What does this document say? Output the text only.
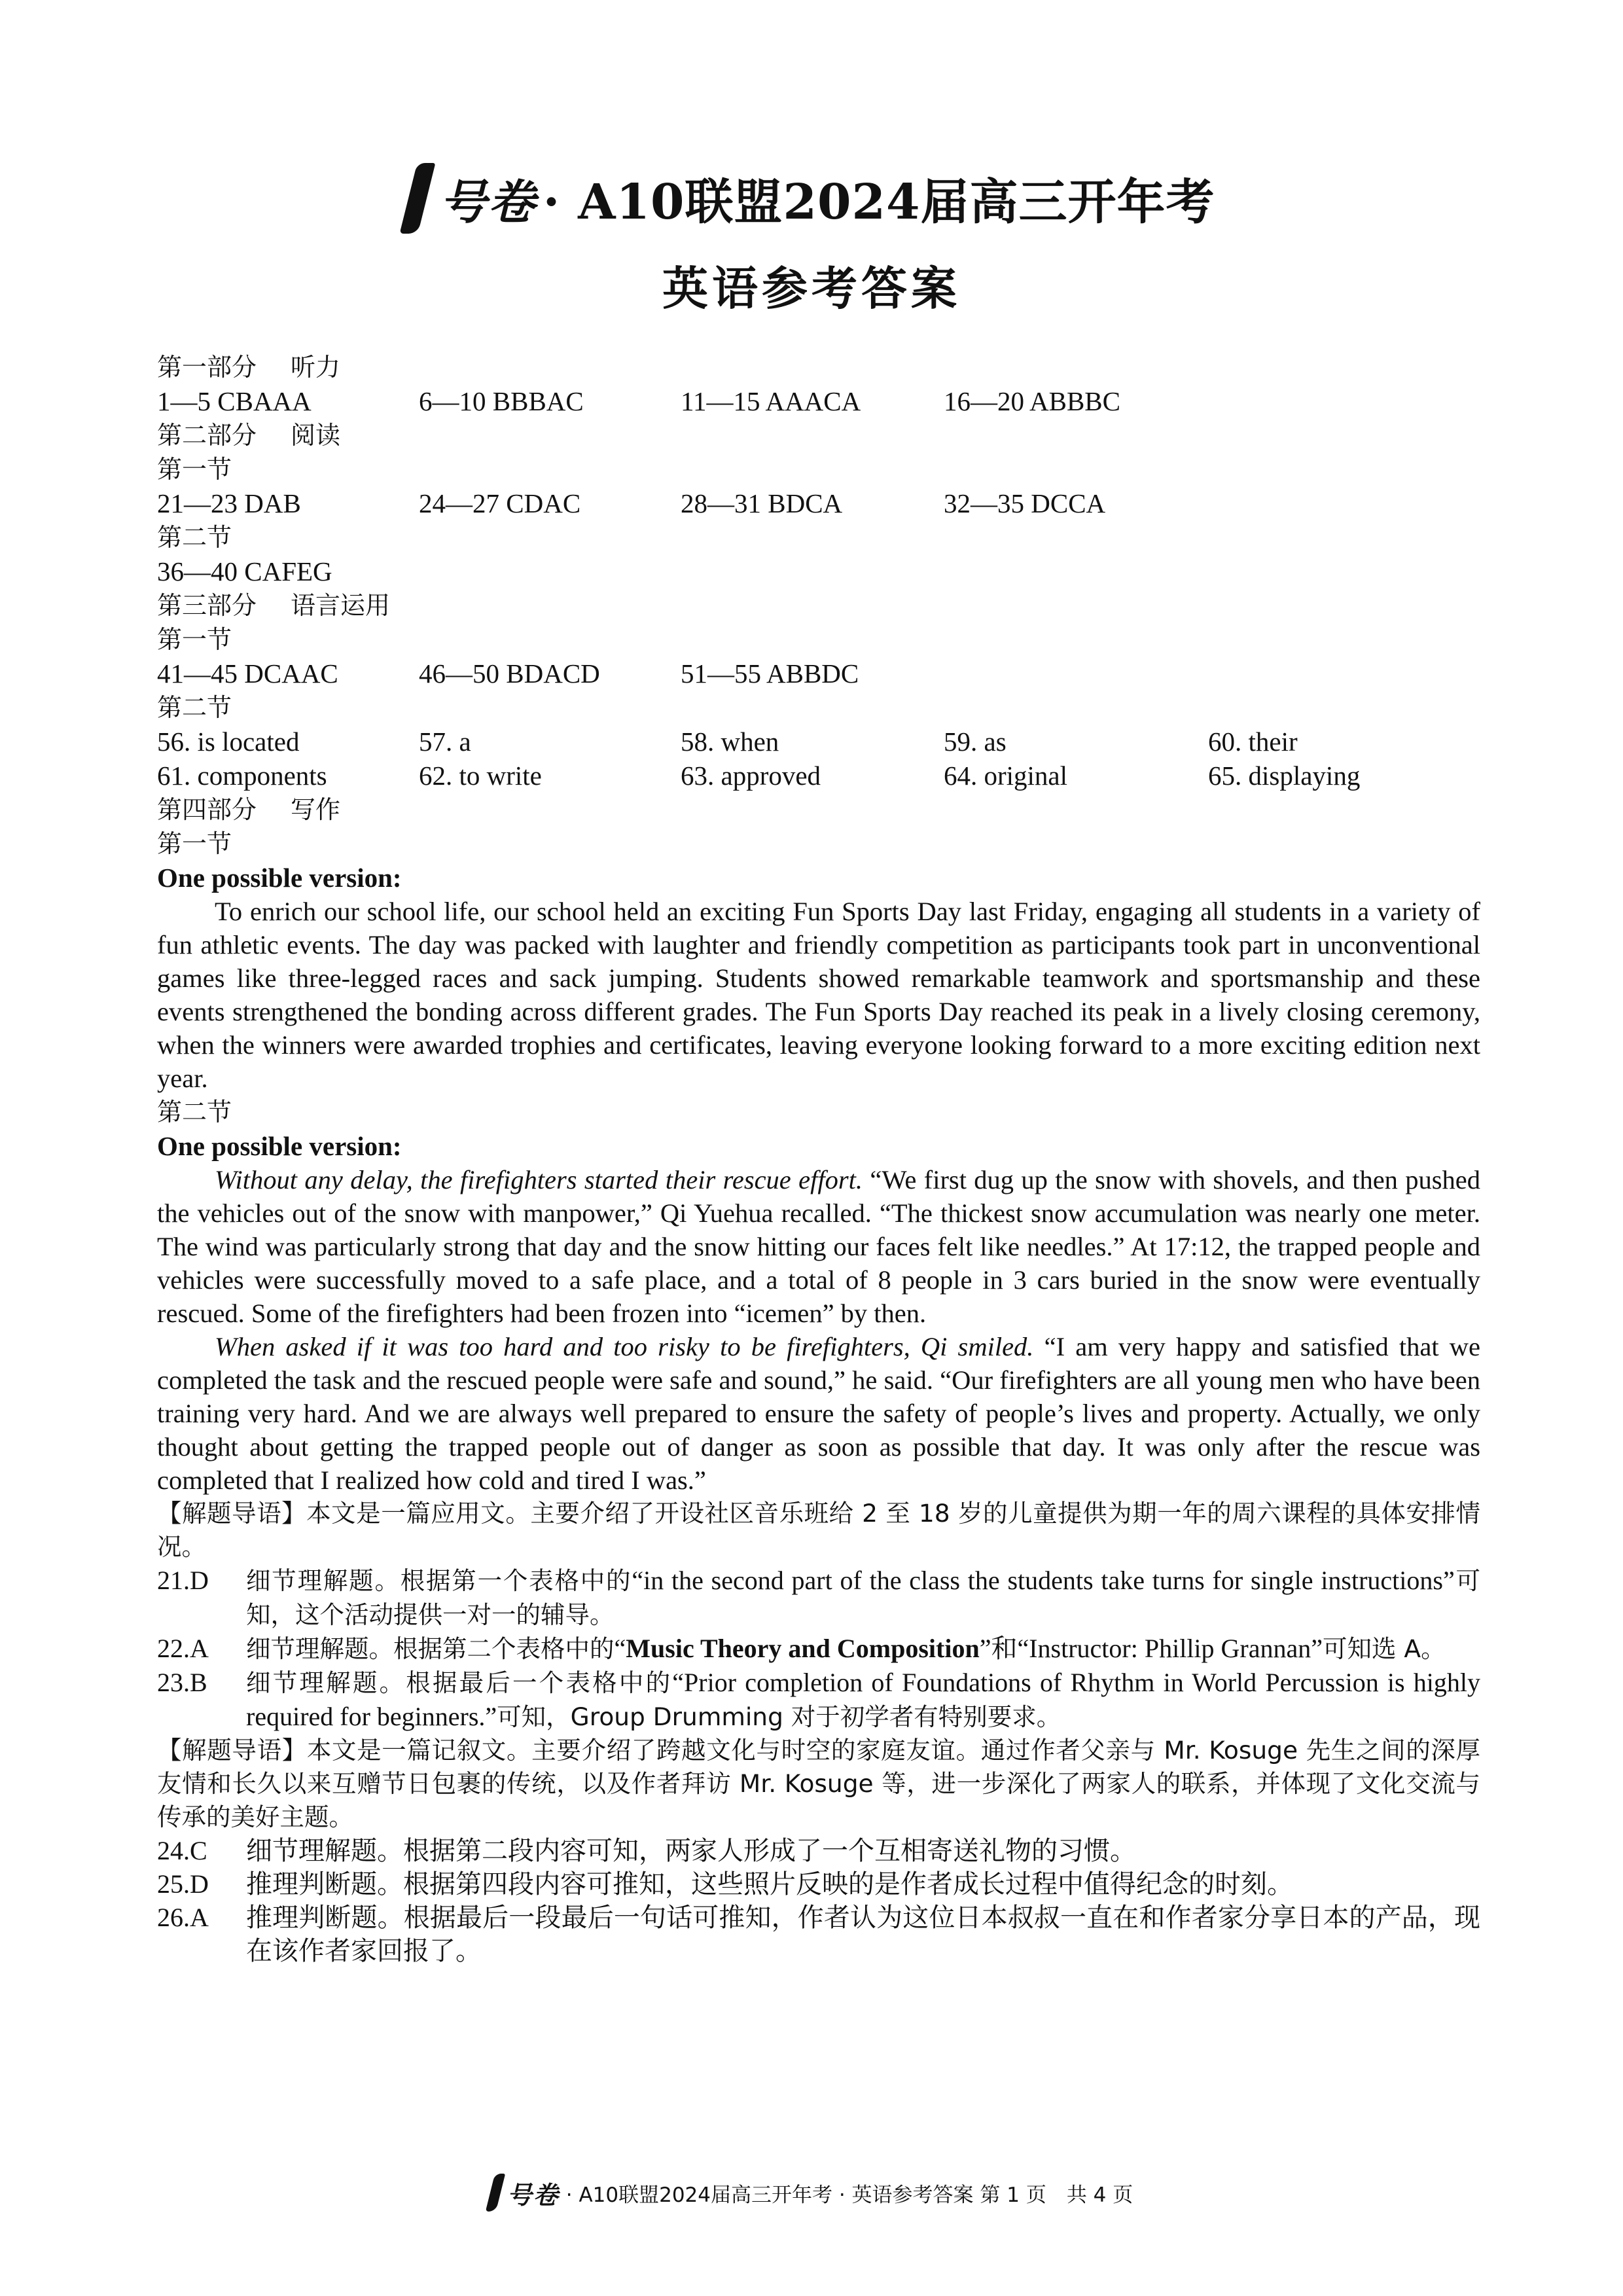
号卷 · A10联盟2024届高三开年考
英语参考答案
第一部分 听力
1—5 CBAAA	6—10 BBBAC	11—15 AAACA	16—20 ABBBC
第二部分 阅读
第一节
21—23 DAB	24—27 CDAC	28—31 BDCA	32—35 DCCA
第二节
36—40 CAFEG
第三部分 语言运用
第一节
41—45 DCAAC	46—50 BDACD	51—55 ABBDC
第二节
56. is located	57. a	58. when	59. as	60. their
61. components	62. to write	63. approved	64. original	65. displaying
第四部分 写作
第一节
One possible version:
To enrich our school life, our school held an exciting Fun Sports Day last Friday, engaging all students in a variety of fun athletic events. The day was packed with laughter and friendly competition as participants took part in unconventional games like three-legged races and sack jumping. Students showed remarkable teamwork and sportsmanship and these events strengthened the bonding across different grades. The Fun Sports Day reached its peak in a lively closing ceremony, when the winners were awarded trophies and certificates, leaving everyone looking forward to a more exciting edition next year.
第二节
One possible version:
Without any delay, the firefighters started their rescue effort. “We first dug up the snow with shovels, and then pushed the vehicles out of the snow with manpower,” Qi Yuehua recalled. “The thickest snow accumulation was nearly one meter. The wind was particularly strong that day and the snow hitting our faces felt like needles.” At 17:12, the trapped people and vehicles were successfully moved to a safe place, and a total of 8 people in 3 cars buried in the snow were eventually rescued. Some of the firefighters had been frozen into “icemen” by then.
When asked if it was too hard and too risky to be firefighters, Qi smiled. “I am very happy and satisfied that we completed the task and the rescued people were safe and sound,” he said. “Our firefighters are all young men who have been training very hard. And we are always well prepared to ensure the safety of people’s lives and property. Actually, we only thought about getting the trapped people out of danger as soon as possible that day. It was only after the rescue was completed that I realized how cold and tired I was.”
【解题导语】本文是一篇应用文。主要介绍了开设社区音乐班给 2 至 18 岁的儿童提供为期一年的周六课程的具体安排情况。
21.D	细节理解题。根据第一个表格中的“in the second part of the class the students take turns for single instructions”可知，这个活动提供一对一的辅导。
22.A	细节理解题。根据第二个表格中的“Music Theory and Composition”和“Instructor: Phillip Grannan”可知选 A。
23.B	细节理解题。根据最后一个表格中的“Prior completion of Foundations of Rhythm in World Percussion is highly required for beginners.”可知，Group Drumming 对于初学者有特别要求。
【解题导语】本文是一篇记叙文。主要介绍了跨越文化与时空的家庭友谊。通过作者父亲与 Mr. Kosuge 先生之间的深厚友情和长久以来互赠节日包裹的传统，以及作者拜访 Mr. Kosuge 等，进一步深化了两家人的联系，并体现了文化交流与传承的美好主题。
24.C	细节理解题。根据第二段内容可知，两家人形成了一个互相寄送礼物的习惯。
25.D	推理判断题。根据第四段内容可推知，这些照片反映的是作者成长过程中值得纪念的时刻。
26.A	推理判断题。根据最后一段最后一句话可推知，作者认为这位日本叔叔一直在和作者家分享日本的产品，现在该作者家回报了。
号卷 · A10联盟2024届高三开年考 · 英语参考答案 第 1 页　共 4 页
